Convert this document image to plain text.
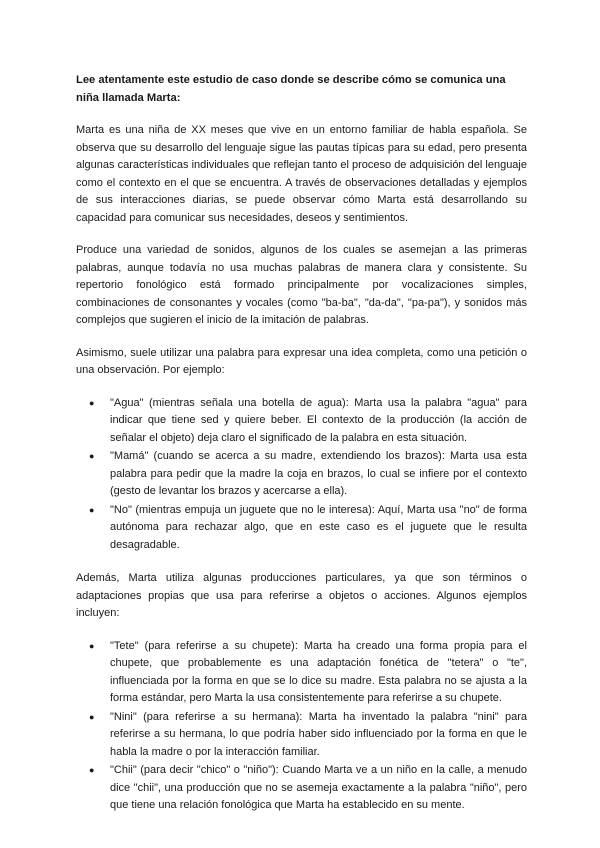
Lee atentamente este estudio de caso donde se describe cómo se comunica una niña llamada Marta:

Marta es una niña de XX meses que vive en un entorno familiar de habla española. Se observa que su desarrollo del lenguaje sigue las pautas típicas para su edad, pero presenta algunas características individuales que reflejan tanto el proceso de adquisición del lenguaje como el contexto en el que se encuentra. A través de observaciones detalladas y ejemplos de sus interacciones diarias, se puede observar cómo Marta está desarrollando su capacidad para comunicar sus necesidades, deseos y sentimientos.

Produce una variedad de sonidos, algunos de los cuales se asemejan a las primeras palabras, aunque todavía no usa muchas palabras de manera clara y consistente. Su repertorio fonológico está formado principalmente por vocalizaciones simples, combinaciones de consonantes y vocales (como "ba-ba", "da-da", "pa-pa"), y sonidos más complejos que sugieren el inicio de la imitación de palabras.

Asimismo, suele utilizar una palabra para expresar una idea completa, como una petición o una observación. Por ejemplo:

● "Agua" (mientras señala una botella de agua): Marta usa la palabra "agua" para indicar que tiene sed y quiere beber. El contexto de la producción (la acción de señalar el objeto) deja claro el significado de la palabra en esta situación.
● "Mamá" (cuando se acerca a su madre, extendiendo los brazos): Marta usa esta palabra para pedir que la madre la coja en brazos, lo cual se infiere por el contexto (gesto de levantar los brazos y acercarse a ella).
● "No" (mientras empuja un juguete que no le interesa): Aquí, Marta usa "no" de forma autónoma para rechazar algo, que en este caso es el juguete que le resulta desagradable.

Además, Marta utiliza algunas producciones particulares, ya que son términos o adaptaciones propias que usa para referirse a objetos o acciones. Algunos ejemplos incluyen:

● "Tete" (para referirse a su chupete): Marta ha creado una forma propia para el chupete, que probablemente es una adaptación fonética de "tetera" o "te", influenciada por la forma en que se lo dice su madre. Esta palabra no se ajusta a la forma estándar, pero Marta la usa consistentemente para referirse a su chupete.
● "Nini" (para referirse a su hermana): Marta ha inventado la palabra "nini" para referirse a su hermana, lo que podría haber sido influenciado por la forma en que le habla la madre o por la interacción familiar.
● "Chii" (para decir "chico" o "niño"): Cuando Marta ve a un niño en la calle, a menudo dice "chii", una producción que no se asemeja exactamente a la palabra "niño", pero que tiene una relación fonológica que Marta ha establecido en su mente.
